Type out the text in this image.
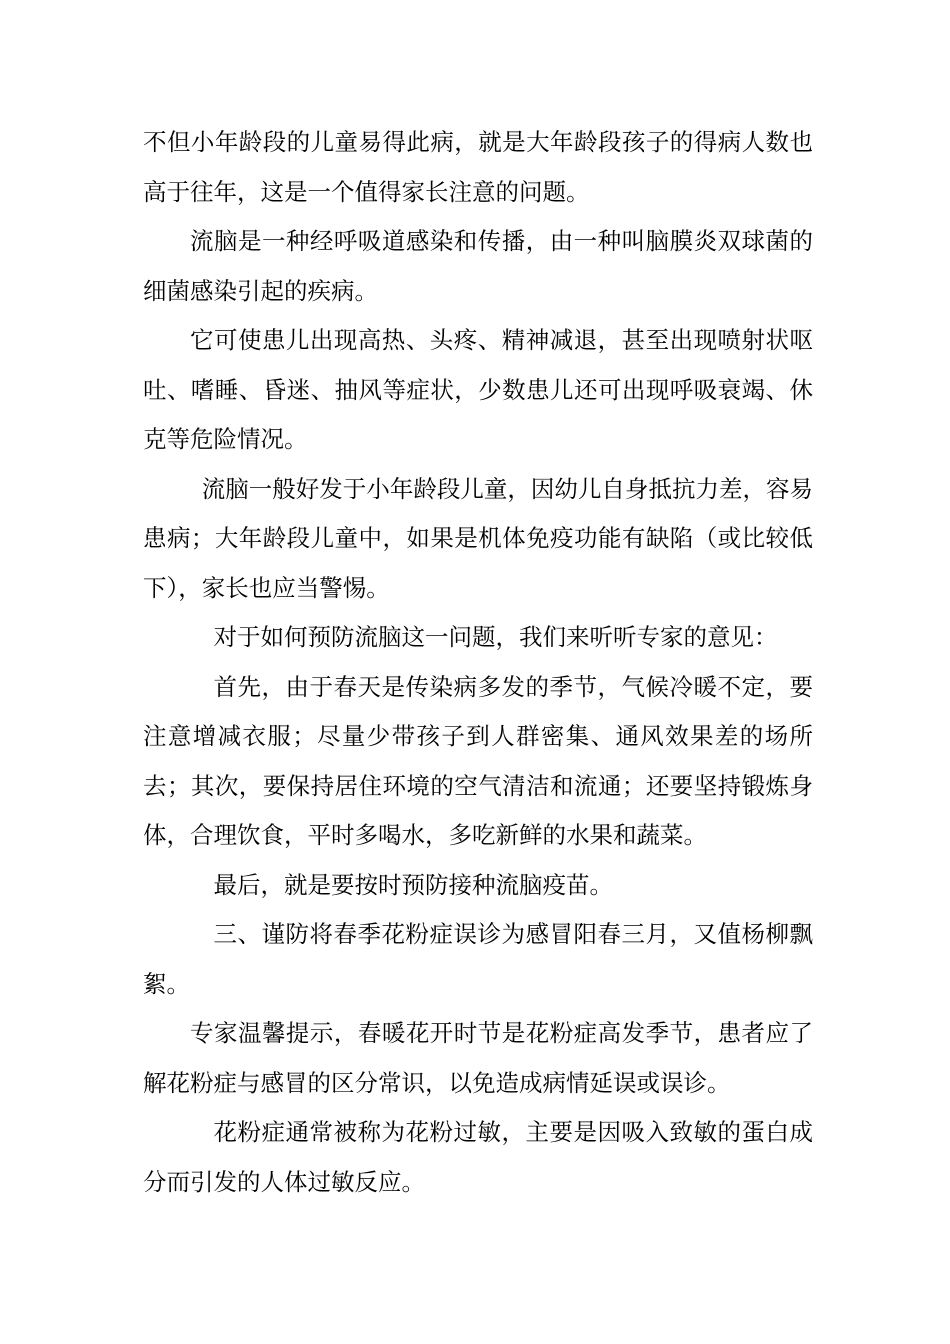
不但小年龄段的儿童易得此病，就是大年龄段孩子的得病人数也高于往年，这是一个值得家长注意的问题。

流脑是一种经呼吸道感染和传播，由一种叫脑膜炎双球菌的细菌感染引起的疾病。

它可使患儿出现高热、头疼、精神减退，甚至出现喷射状呕吐、嗜睡、昏迷、抽风等症状，少数患儿还可出现呼吸衰竭、休克等危险情况。

流脑一般好发于小年龄段儿童，因幼儿自身抵抗力差，容易患病；大年龄段儿童中，如果是机体免疫功能有缺陷（或比较低下），家长也应当警惕。

对于如何预防流脑这一问题，我们来听听专家的意见：

首先，由于春天是传染病多发的季节，气候冷暖不定，要注意增减衣服；尽量少带孩子到人群密集、通风效果差的场所去；其次，要保持居住环境的空气清洁和流通；还要坚持锻炼身体，合理饮食，平时多喝水，多吃新鲜的水果和蔬菜。

最后，就是要按时预防接种流脑疫苗。

三、谨防将春季花粉症误诊为感冒阳春三月，又值杨柳飘絮。

专家温馨提示，春暖花开时节是花粉症高发季节，患者应了解花粉症与感冒的区分常识，以免造成病情延误或误诊。

花粉症通常被称为花粉过敏，主要是因吸入致敏的蛋白成分而引发的人体过敏反应。
